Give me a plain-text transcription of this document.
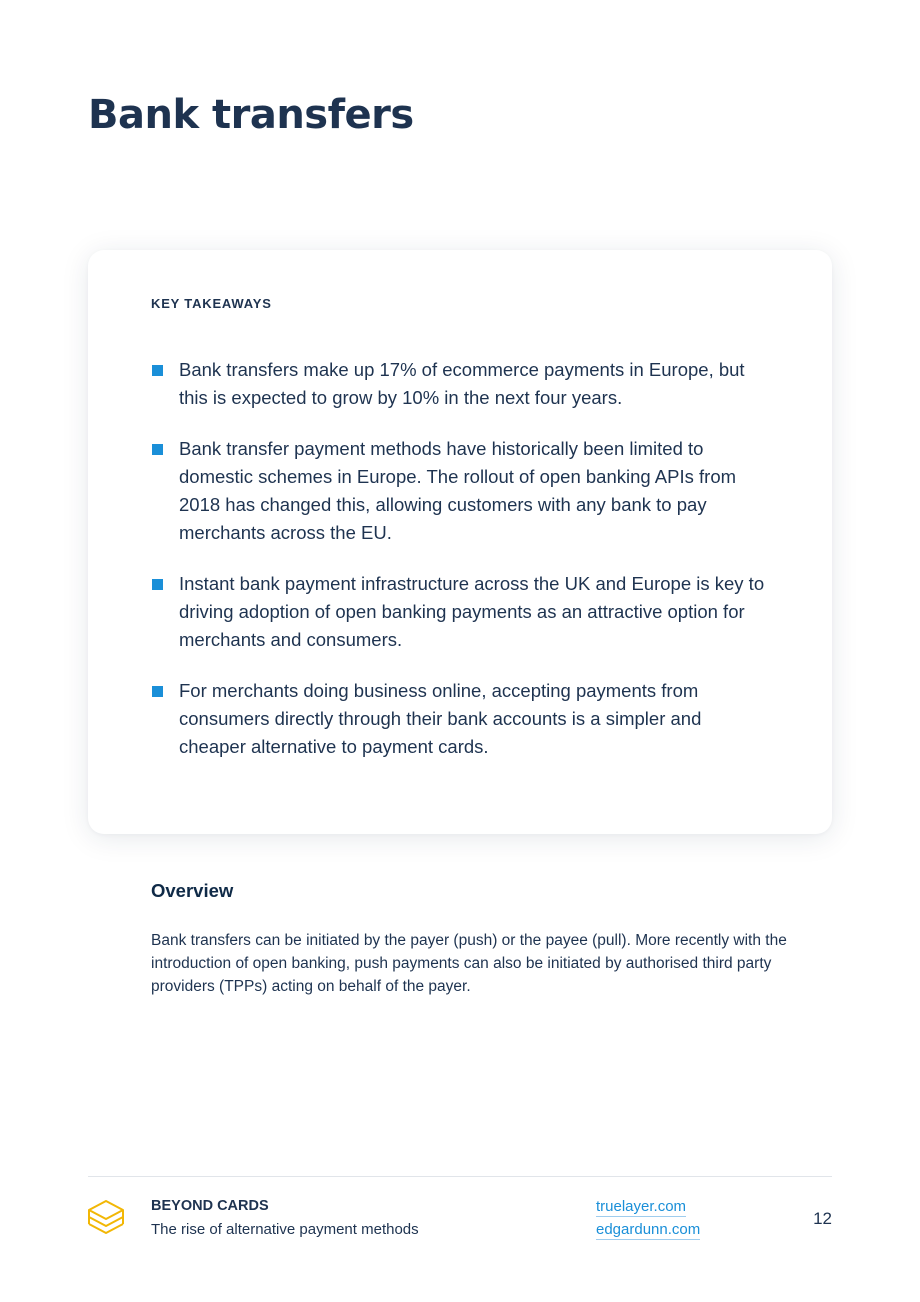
Bank transfers
KEY TAKEAWAYS
Bank transfers make up 17% of ecommerce payments in Europe, but this is expected to grow by 10% in the next four years.
Bank transfer payment methods have historically been limited to domestic schemes in Europe. The rollout of open banking APIs from 2018 has changed this, allowing customers with any bank to pay merchants across the EU.
Instant bank payment infrastructure across the UK and Europe is key to driving adoption of open banking payments as an attractive option for merchants and consumers.
For merchants doing business online, accepting payments from consumers directly through their bank accounts is a simpler and cheaper alternative to payment cards.
Overview

Bank transfers can be initiated by the payer (push) or the payee (pull). More recently with the introduction of open banking, push payments can also be initiated by authorised third party providers (TPPs) acting on behalf of the payer.

BEYOND CARDS
The rise of alternative payment methods
truelayer.com
edgardunn.com
12
